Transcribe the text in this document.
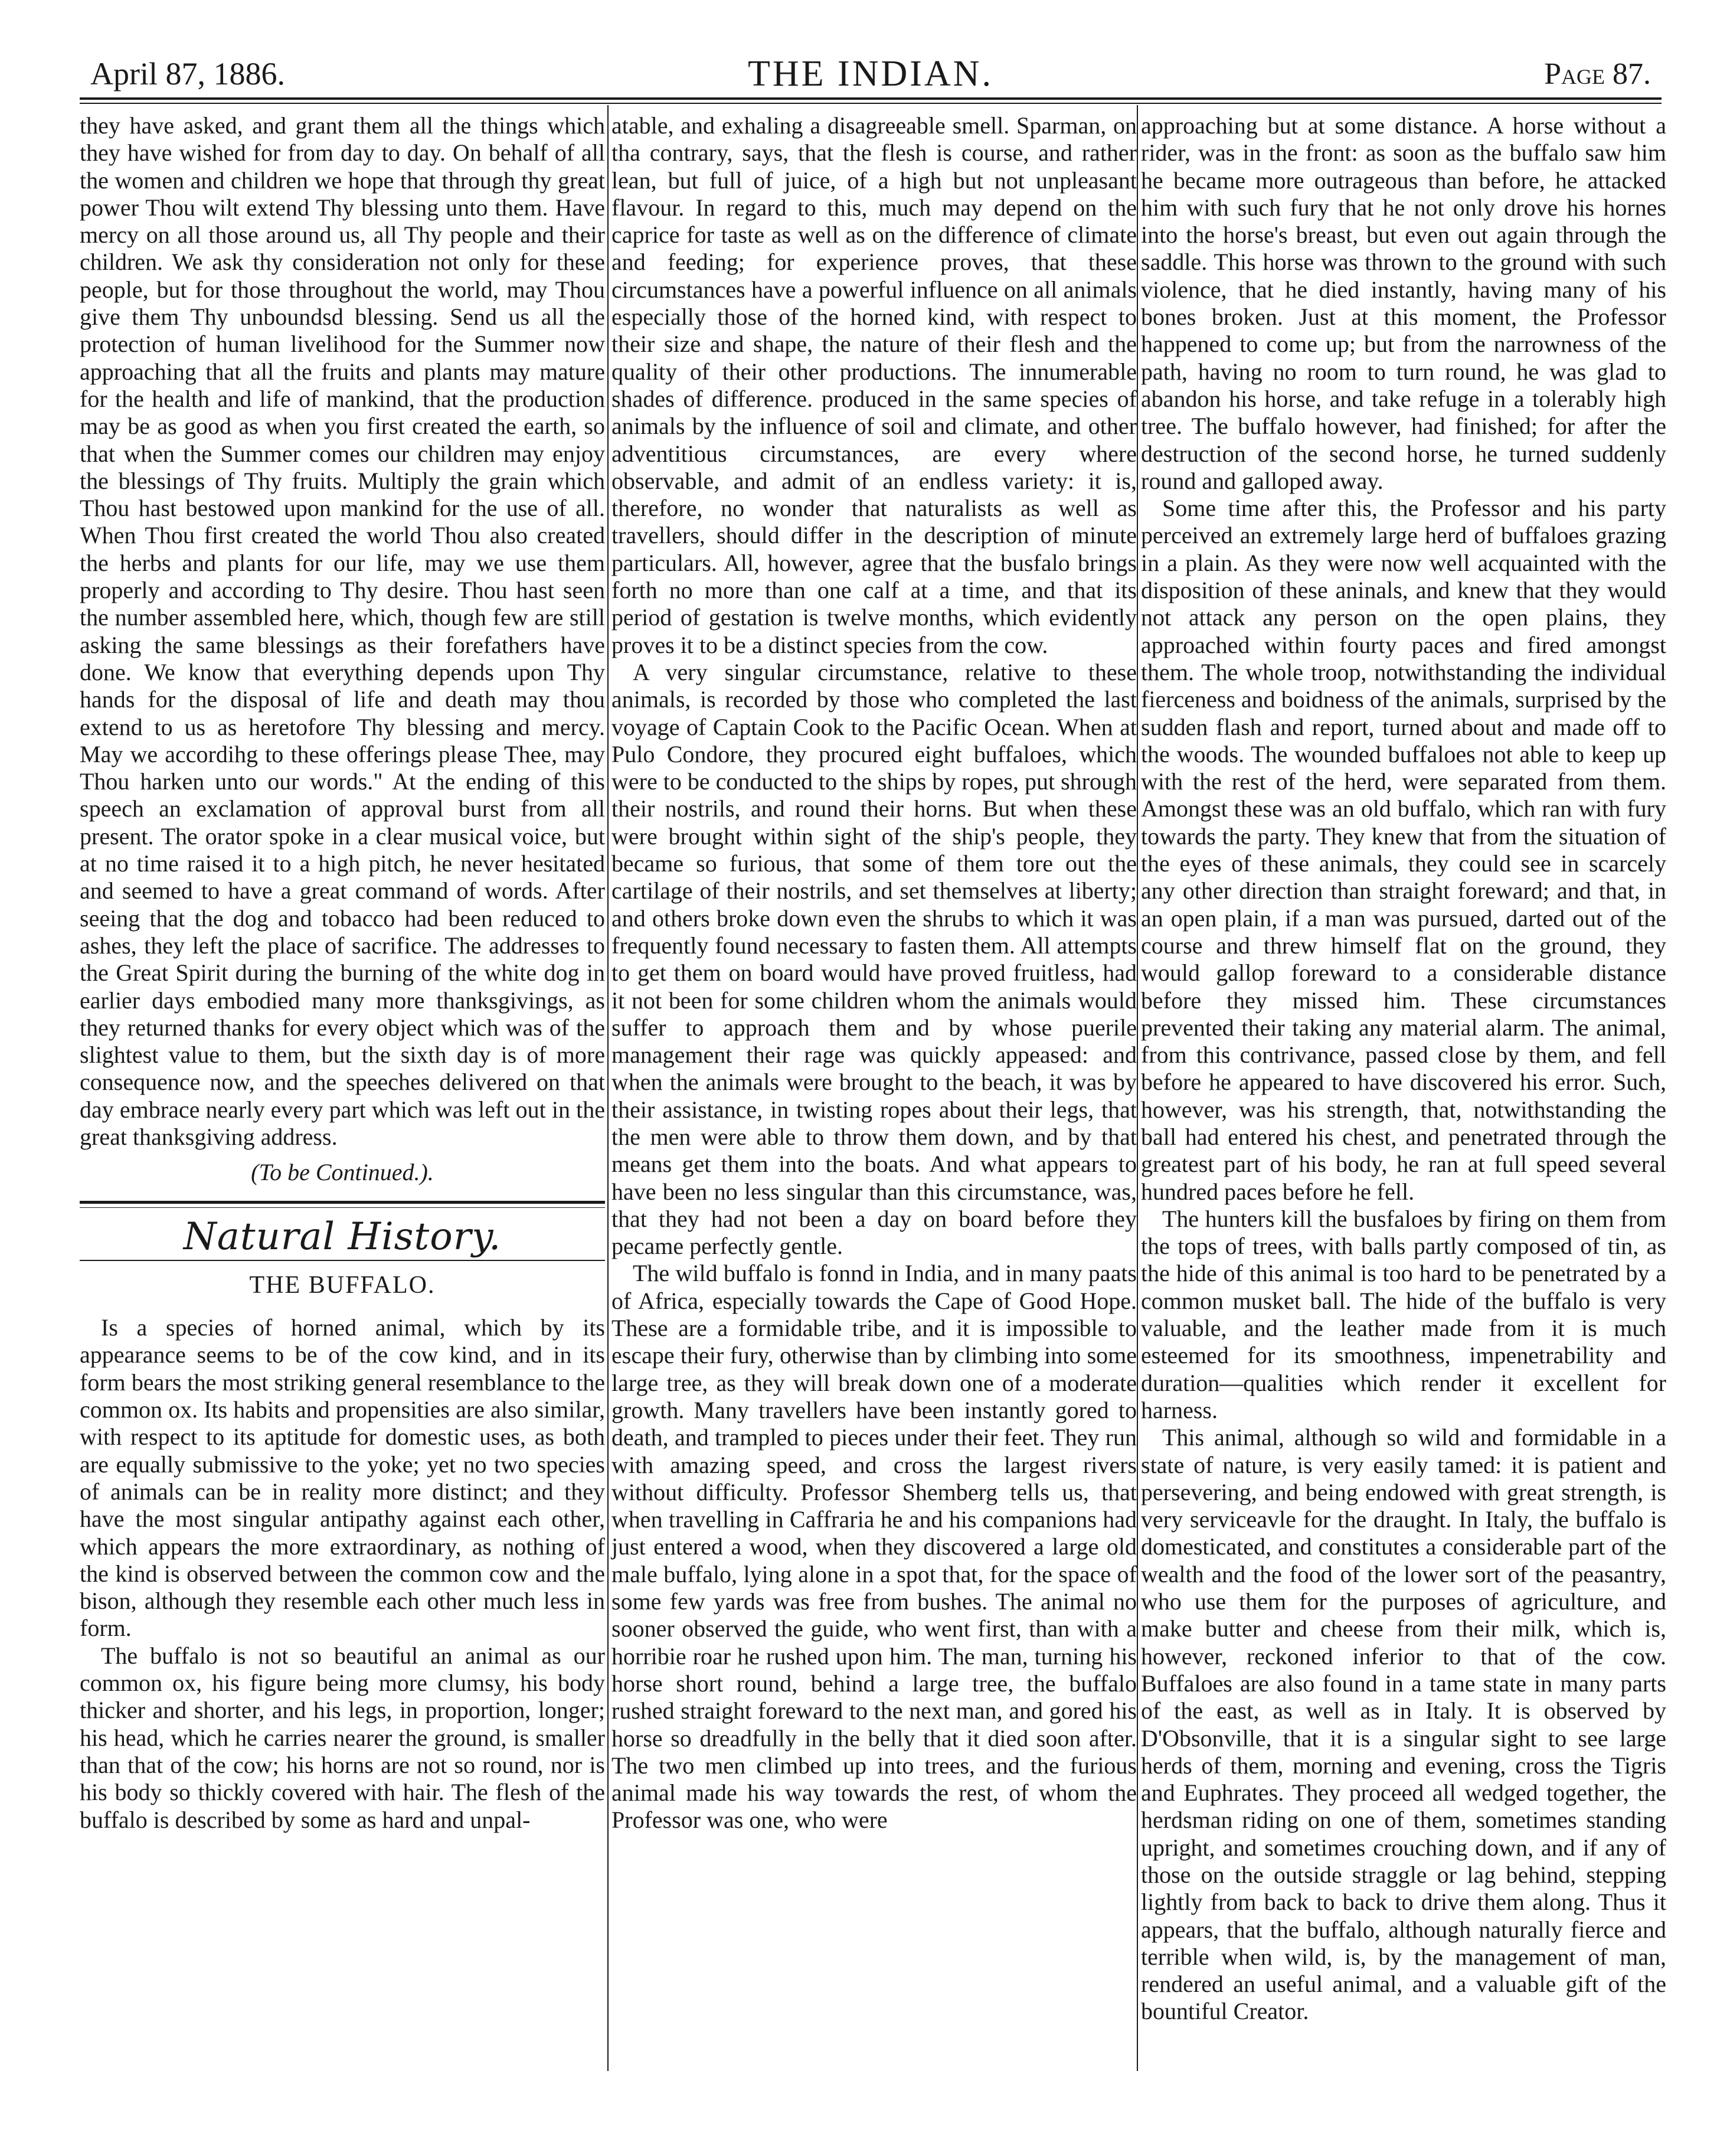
April 87, 1886.	THE INDIAN.	Page 87.

they have asked, and grant them all the things which they have wished for from day to day. On behalf of all the women and children we hope that through thy great power Thou wilt extend Thy blessing unto them. Have mercy on all those around us, all Thy people and their children. We ask thy consideration not only for these people, but for those throughout the world, may Thou give them Thy unboundsd blessing. Send us all the protection of human livelihood for the Summer now approaching that all the fruits and plants may mature for the health and life of mankind, that the production may be as good as when you first created the earth, so that when the Summer comes our children may enjoy the blessings of Thy fruits. Multiply the grain which Thou hast bestowed upon mankind for the use of all. When Thou first created the world Thou also created the herbs and plants for our life, may we use them properly and according to Thy desire. Thou hast seen the number assembled here, which, though few are still asking the same blessings as their forefathers have done. We know that everything depends upon Thy hands for the disposal of life and death may thou extend to us as heretofore Thy blessing and mercy. May we accordihg to these offerings please Thee, may Thou harken unto our words." At the ending of this speech an exclamation of approval burst from all present. The orator spoke in a clear musical voice, but at no time raised it to a high pitch, he never hesitated and seemed to have a great command of words. After seeing that the dog and tobacco had been reduced to ashes, they left the place of sacrifice. The addresses to the Great Spirit during the burning of the white dog in earlier days embodied many more thanksgivings, as they returned thanks for every object which was of the slightest value to them, but the sixth day is of more consequence now, and the speeches delivered on that day embrace nearly every part which was left out in the great thanksgiving address.

(To be Continued.).

Natural History.
THE BUFFALO.

Is a species of horned animal, which by its appearance seems to be of the cow kind, and in its form bears the most striking general resemblance to the common ox. Its habits and propensities are also similar, with respect to its aptitude for domestic uses, as both are equally submissive to the yoke; yet no two species of animals can be in reality more distinct; and they have the most singular antipathy against each other, which appears the more extraordinary, as nothing of the kind is observed between the common cow and the bison, although they resemble each other much less in form.

The buffalo is not so beautiful an animal as our common ox, his figure being more clumsy, his body thicker and shorter, and his legs, in proportion, longer; his head, which he carries nearer the ground, is smaller than that of the cow; his horns are not so round, nor is his body so thickly covered with hair. The flesh of the buffalo is described by some as hard and unpal-

atable, and exhaling a disagreeable smell. Sparman, on tha contrary, says, that the flesh is course, and rather lean, but full of juice, of a high but not unpleasant flavour. In regard to this, much may depend on the caprice for taste as well as on the difference of climate and feeding; for experience proves, that these circumstances have a powerful influence on all animals especially those of the horned kind, with respect to their size and shape, the nature of their flesh and the quality of their other productions. The innumerable shades of difference. produced in the same species of animals by the influence of soil and climate, and other adventitious circumstances, are every where observable, and admit of an endless variety: it is, therefore, no wonder that naturalists as well as travellers, should differ in the description of minute particulars. All, however, agree that the busfalo brings forth no more than one calf at a time, and that its period of gestation is twelve months, which evidently proves it to be a distinct species from the cow.

A very singular circumstance, relative to these animals, is recorded by those who completed the last voyage of Captain Cook to the Pacific Ocean. When at Pulo Condore, they procured eight buffaloes, which were to be conducted to the ships by ropes, put shrough their nostrils, and round their horns. But when these were brought within sight of the ship's people, they became so furious, that some of them tore out the cartilage of their nostrils, and set themselves at liberty; and others broke down even the shrubs to which it was frequently found necessary to fasten them. All attempts to get them on board would have proved fruitless, had it not been for some children whom the animals would suffer to approach them and by whose puerile management their rage was quickly appeased: and when the animals were brought to the beach, it was by their assistance, in twisting ropes about their legs, that the men were able to throw them down, and by that means get them into the boats. And what appears to have been no less singular than this circumstance, was, that they had not been a day on board before they pecame perfectly gentle.

The wild buffalo is fonnd in India, and in many paats of Africa, especially towards the Cape of Good Hope. These are a formidable tribe, and it is impossible to escape their fury, otherwise than by climbing into some large tree, as they will break down one of a moderate growth. Many travellers have been instantly gored to death, and trampled to pieces under their feet. They run with amazing speed, and cross the largest rivers without difficulty. Professor Shemberg tells us, that when travelling in Caffraria he and his companions had just entered a wood, when they discovered a large old male buffalo, lying alone in a spot that, for the space of some few yards was free from bushes. The animal no sooner observed the guide, who went first, than with a horribie roar he rushed upon him. The man, turning his horse short round, behind a large tree, the buffalo rushed straight foreward to the next man, and gored his horse so dreadfully in the belly that it died soon after. The two men climbed up into trees, and the furious animal made his way towards the rest, of whom the Professor was one, who were

approaching but at some distance. A horse without a rider, was in the front: as soon as the buffalo saw him he became more outrageous than before, he attacked him with such fury that he not only drove his hornes into the horse's breast, but even out again through the saddle. This horse was thrown to the ground with such violence, that he died instantly, having many of his bones broken. Just at this moment, the Professor happened to come up; but from the narrowness of the path, having no room to turn round, he was glad to abandon his horse, and take refuge in a tolerably high tree. The buffalo however, had finished; for after the destruction of the second horse, he turned suddenly round and galloped away.

Some time after this, the Professor and his party perceived an extremely large herd of buffaloes grazing in a plain. As they were now well acquainted with the disposition of these aninals, and knew that they would not attack any person on the open plains, they approached within fourty paces and fired amongst them. The whole troop, notwithstanding the individual fierceness and boidness of the animals, surprised by the sudden flash and report, turned about and made off to the woods. The wounded buffaloes not able to keep up with the rest of the herd, were separated from them. Amongst these was an old buffalo, which ran with fury towards the party. They knew that from the situation of the eyes of these animals, they could see in scarcely any other direction than straight foreward; and that, in an open plain, if a man was pursued, darted out of the course and threw himself flat on the ground, they would gallop foreward to a considerable distance before they missed him. These circumstances prevented their taking any material alarm. The animal, from this contrivance, passed close by them, and fell before he appeared to have discovered his error. Such, however, was his strength, that, notwithstanding the ball had entered his chest, and penetrated through the greatest part of his body, he ran at full speed several hundred paces before he fell.

The hunters kill the busfaloes by firing on them from the tops of trees, with balls partly composed of tin, as the hide of this animal is too hard to be penetrated by a common musket ball. The hide of the buffalo is very valuable, and the leather made from it is much esteemed for its smoothness, impenetrability and duration—qualities which render it excellent for harness.

This animal, although so wild and formidable in a state of nature, is very easily tamed: it is patient and persevering, and being endowed with great strength, is very serviceavle for the draught. In Italy, the buffalo is domesticated, and constitutes a considerable part of the wealth and the food of the lower sort of the peasantry, who use them for the purposes of agriculture, and make butter and cheese from their milk, which is, however, reckoned inferior to that of the cow. Buffaloes are also found in a tame state in many parts of the east, as well as in Italy. It is observed by D'Obsonville, that it is a singular sight to see large herds of them, morning and evening, cross the Tigris and Euphrates. They proceed all wedged together, the herdsman riding on one of them, sometimes standing upright, and sometimes crouching down, and if any of those on the outside straggle or lag behind, stepping lightly from back to back to drive them along. Thus it appears, that the buffalo, although naturally fierce and terrible when wild, is, by the management of man, rendered an useful animal, and a valuable gift of the bountiful Creator.
